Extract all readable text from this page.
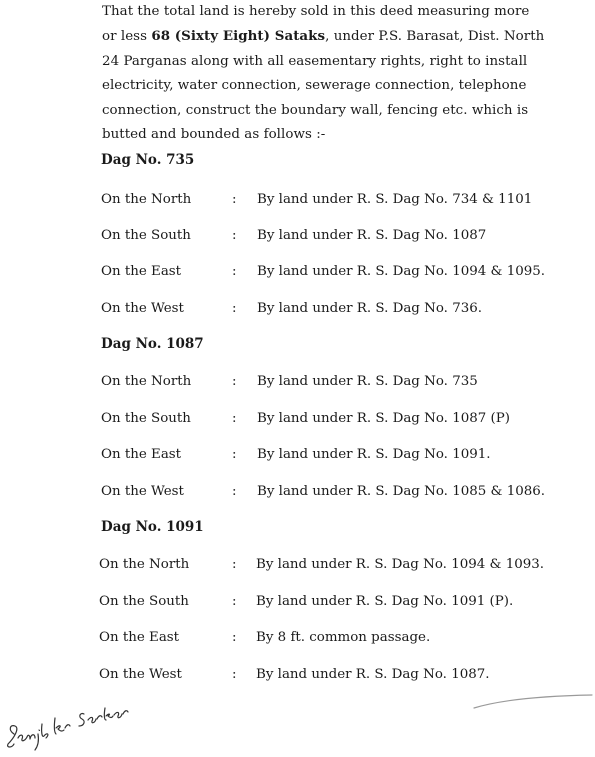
That the total land is hereby sold in this deed measuring more
or less 68 (Sixty Eight) Sataks, under P.S. Barasat, Dist. North
24 Parganas along with all easementary rights, right to install
electricity, water connection, sewerage connection, telephone
connection, construct the boundary wall, fencing etc. which is
butted and bounded as follows :-

Dag No. 735

On the North	: By land under R. S. Dag No. 734 & 1101
On the South	: By land under R. S. Dag No. 1087
On the East	: By land under R. S. Dag No. 1094 & 1095.
On the West	: By land under R. S. Dag No. 736.

Dag No. 1087

On the North	: By land under R. S. Dag No. 735
On the South	: By land under R. S. Dag No. 1087 (P)
On the East	: By land under R. S. Dag No. 1091.
On the West	: By land under R. S. Dag No. 1085 & 1086.

Dag No. 1091

On the North	: By land under R. S. Dag No. 1094 & 1093.
On the South	: By land under R. S. Dag No. 1091 (P).
On the East	: By 8 ft. common passage.
On the West	: By land under R. S. Dag No. 1087.
